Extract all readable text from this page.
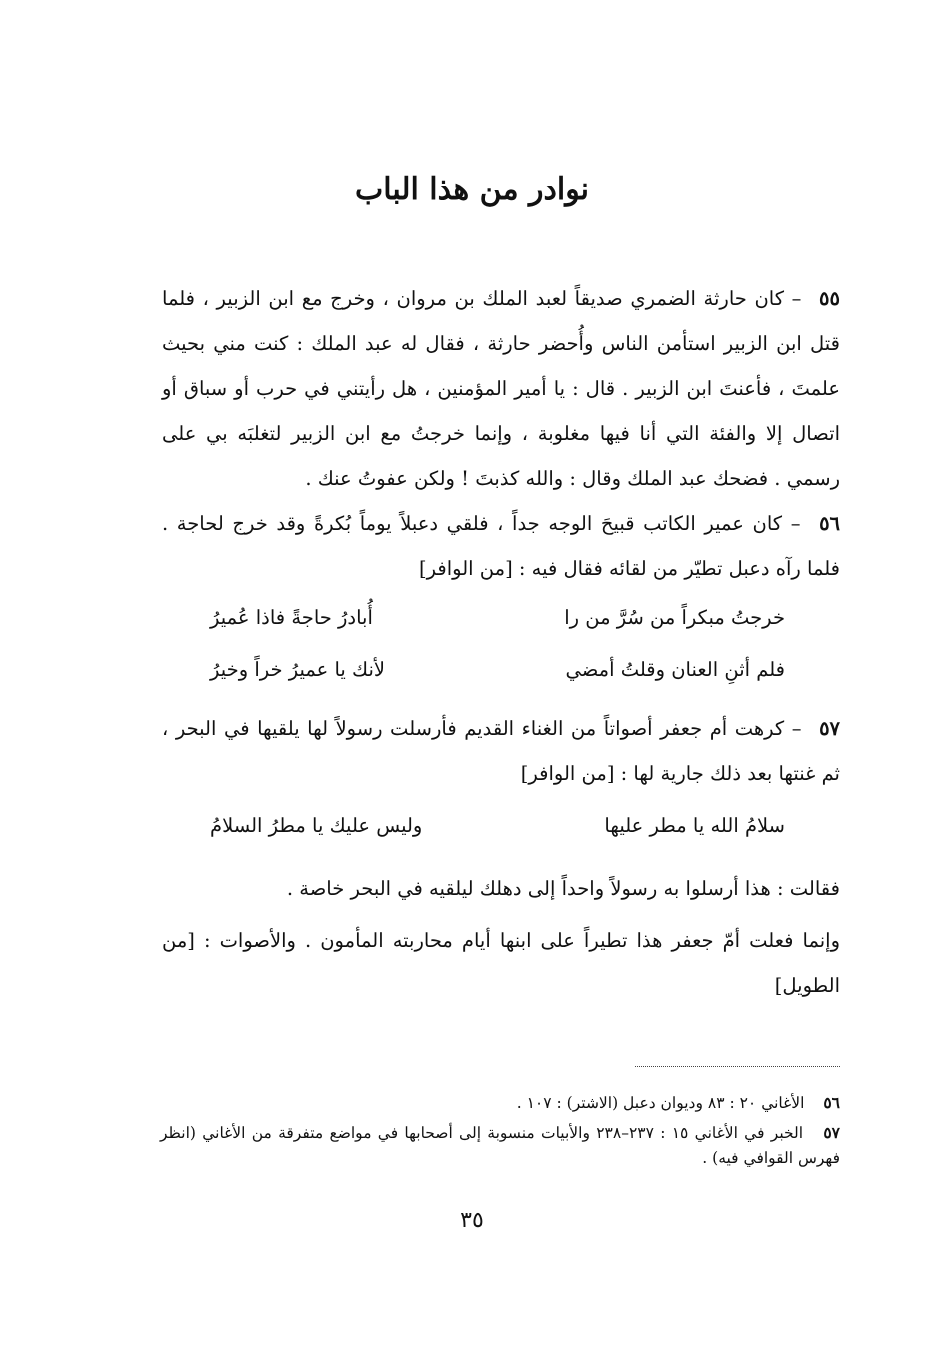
نوادر من هذا الباب
٥٥ – كان حارثة الضمري صديقاً لعبد الملك بن مروان ، وخرج مع ابن الزبير ، فلما قتل ابن الزبير استأمن الناس وأُحضر حارثة ، فقال له عبد الملك : كنت مني بحيث علمتَ ، فأعنتَ ابن الزبير . قال : يا أمير المؤمنين ، هل رأيتني في حرب أو سباق أو اتصال إلا والفئة التي أنا فيها مغلوبة ، وإنما خرجتُ مع ابن الزبير لتغلبَه بي على رسمي . فضحك عبد الملك وقال : والله كذبتَ ! ولكن عفوتُ عنك .
٥٦ – كان عمير الكاتب قبيحَ الوجه جداً ، فلقي دعبلاً يوماً بُكرةً وقد خرج لحاجة . فلما رآه دعبل تطيّر من لقائه فقال فيه : [من الوافر]
خرجتُ مبكراً من سُرَّ من را
أُبادرُ حاجةً فاذا عُميرُ
فلم أثنِ العنان وقلتُ أمضي
لأنك يا عميرُ خراً وخيرُ
٥٧ – كرهت أم جعفر أصواتاً من الغناء القديم فأرسلت رسولاً لها يلقيها في البحر ، ثم غنتها بعد ذلك جارية لها : [من الوافر]
سلامُ الله يا مطر عليها
وليس عليك يا مطرُ السلامُ
فقالت : هذا أرسلوا به رسولاً واحداً إلى دهلك ليلقيه في البحر خاصة .
وإنما فعلت أمّ جعفر هذا تطيراً على ابنها أيام محاربته المأمون . والأصوات : [من الطويل]
٥٦ الأغاني ٢٠ : ٨٣ وديوان دعبل (الاشتر) : ١٠٧ .
٥٧ الخبر في الأغاني ١٥ : ٢٣٧–٢٣٨ والأبيات منسوبة إلى أصحابها في مواضع متفرقة من الأغاني (انظر فهرس القوافي فيه) .
٣٥
